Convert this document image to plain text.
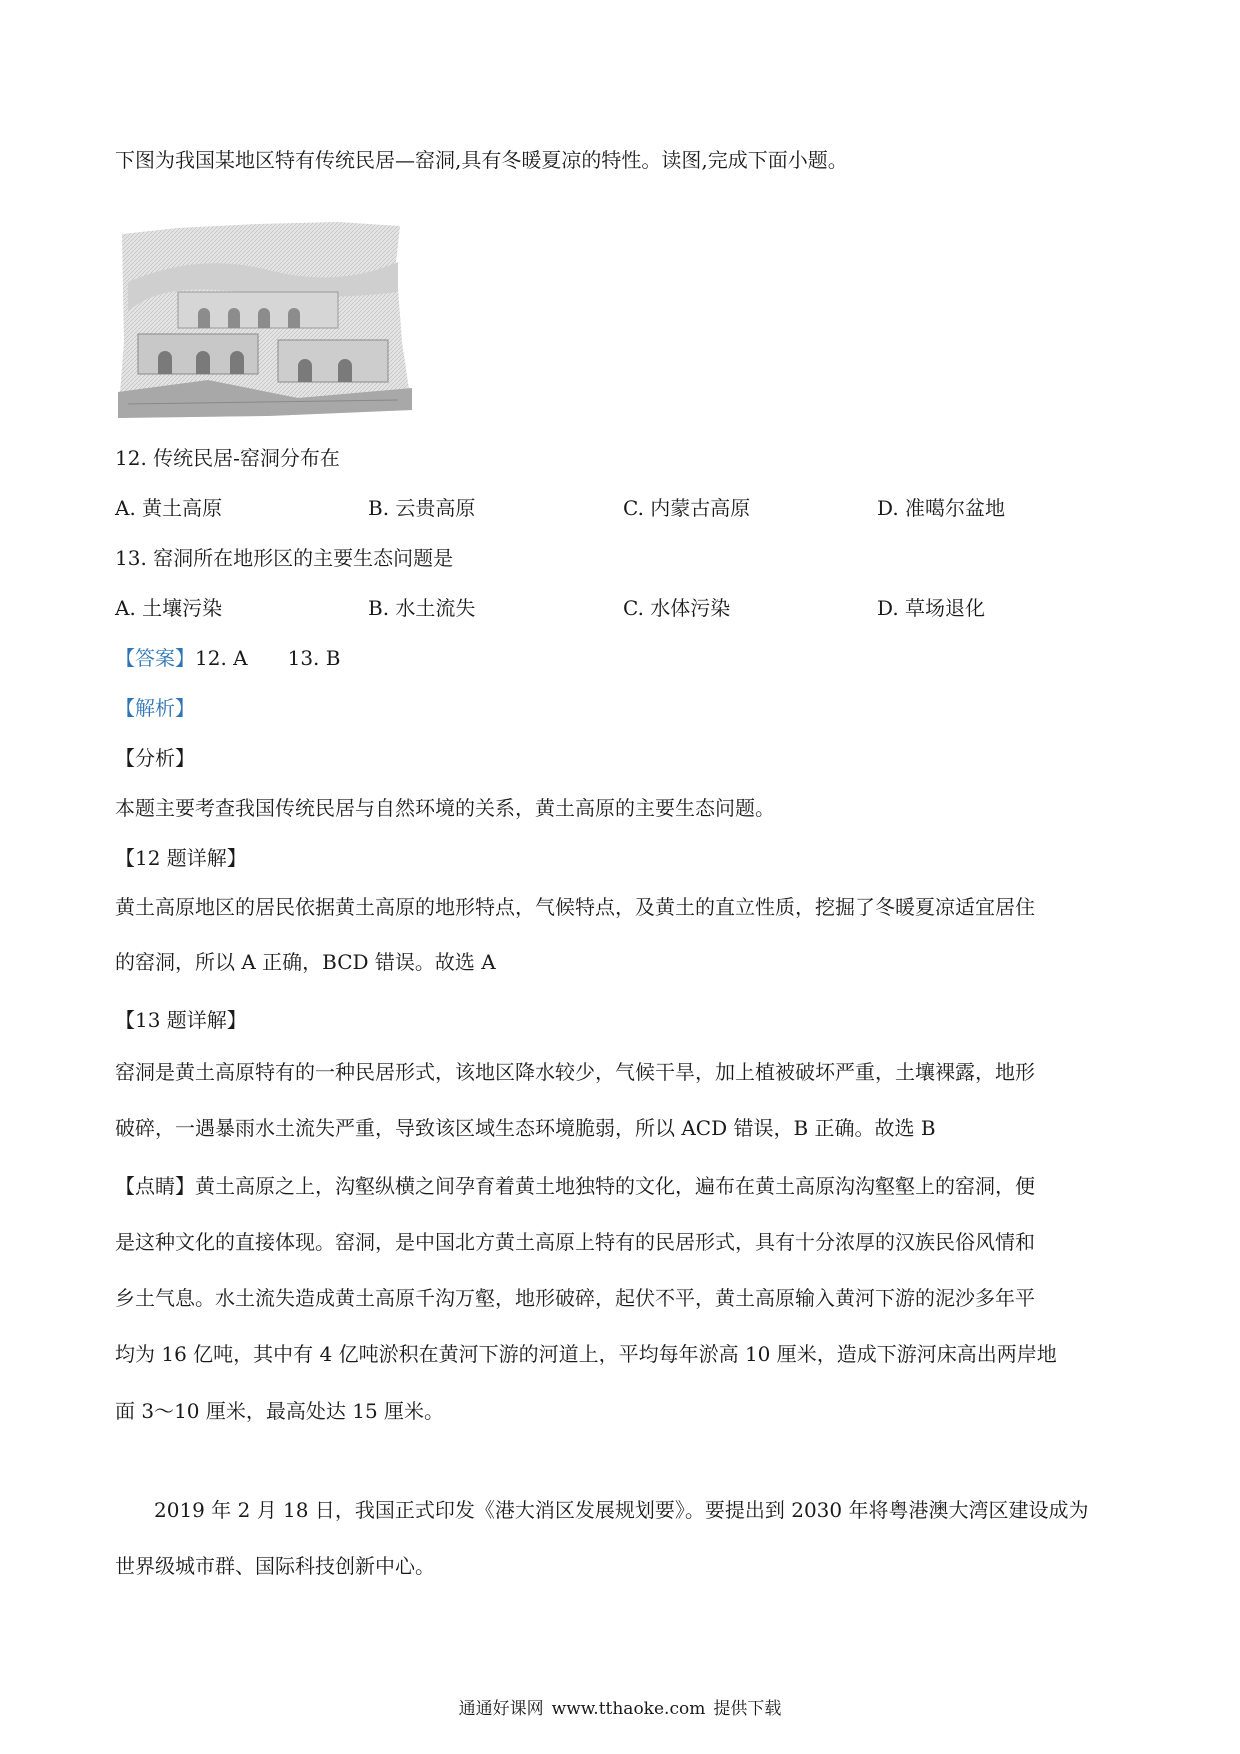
下图为我国某地区特有传统民居—窑洞,具有冬暖夏凉的特性。读图,完成下面小题。
12. 传统民居-窑洞分布在
A. 黄土高原	B. 云贵高原	C. 内蒙古高原	D. 准噶尔盆地
13. 窑洞所在地形区的主要生态问题是
A. 土壤污染	B. 水土流失	C. 水体污染	D. 草场退化
【答案】12. A 13. B
【解析】
【分析】
本题主要考查我国传统民居与自然环境的关系，黄土高原的主要生态问题。
【12 题详解】
黄土高原地区的居民依据黄土高原的地形特点，气候特点，及黄土的直立性质，挖掘了冬暖夏凉适宜居住
的窑洞，所以 A 正确，BCD 错误。故选 A
【13 题详解】
窑洞是黄土高原特有的一种民居形式，该地区降水较少，气候干旱，加上植被破坏严重，土壤裸露，地形
破碎，一遇暴雨水土流失严重，导致该区域生态环境脆弱，所以 ACD 错误，B 正确。故选 B
【点睛】黄土高原之上，沟壑纵横之间孕育着黄土地独特的文化，遍布在黄土高原沟沟壑壑上的窑洞，便
是这种文化的直接体现。窑洞，是中国北方黄土高原上特有的民居形式，具有十分浓厚的汉族民俗风情和
乡土气息。水土流失造成黄土高原千沟万壑，地形破碎，起伏不平，黄土高原输入黄河下游的泥沙多年平
均为 16 亿吨，其中有 4 亿吨淤积在黄河下游的河道上，平均每年淤高 10 厘米，造成下游河床高出两岸地
面 3～10 厘米，最高处达 15 厘米。
2019 年 2 月 18 日，我国正式印发《港大消区发展规划要》。要提出到 2030 年将粤港澳大湾区建设成为
世界级城市群、国际科技创新中心。
通通好课网 www.tthaoke.com 提供下载
